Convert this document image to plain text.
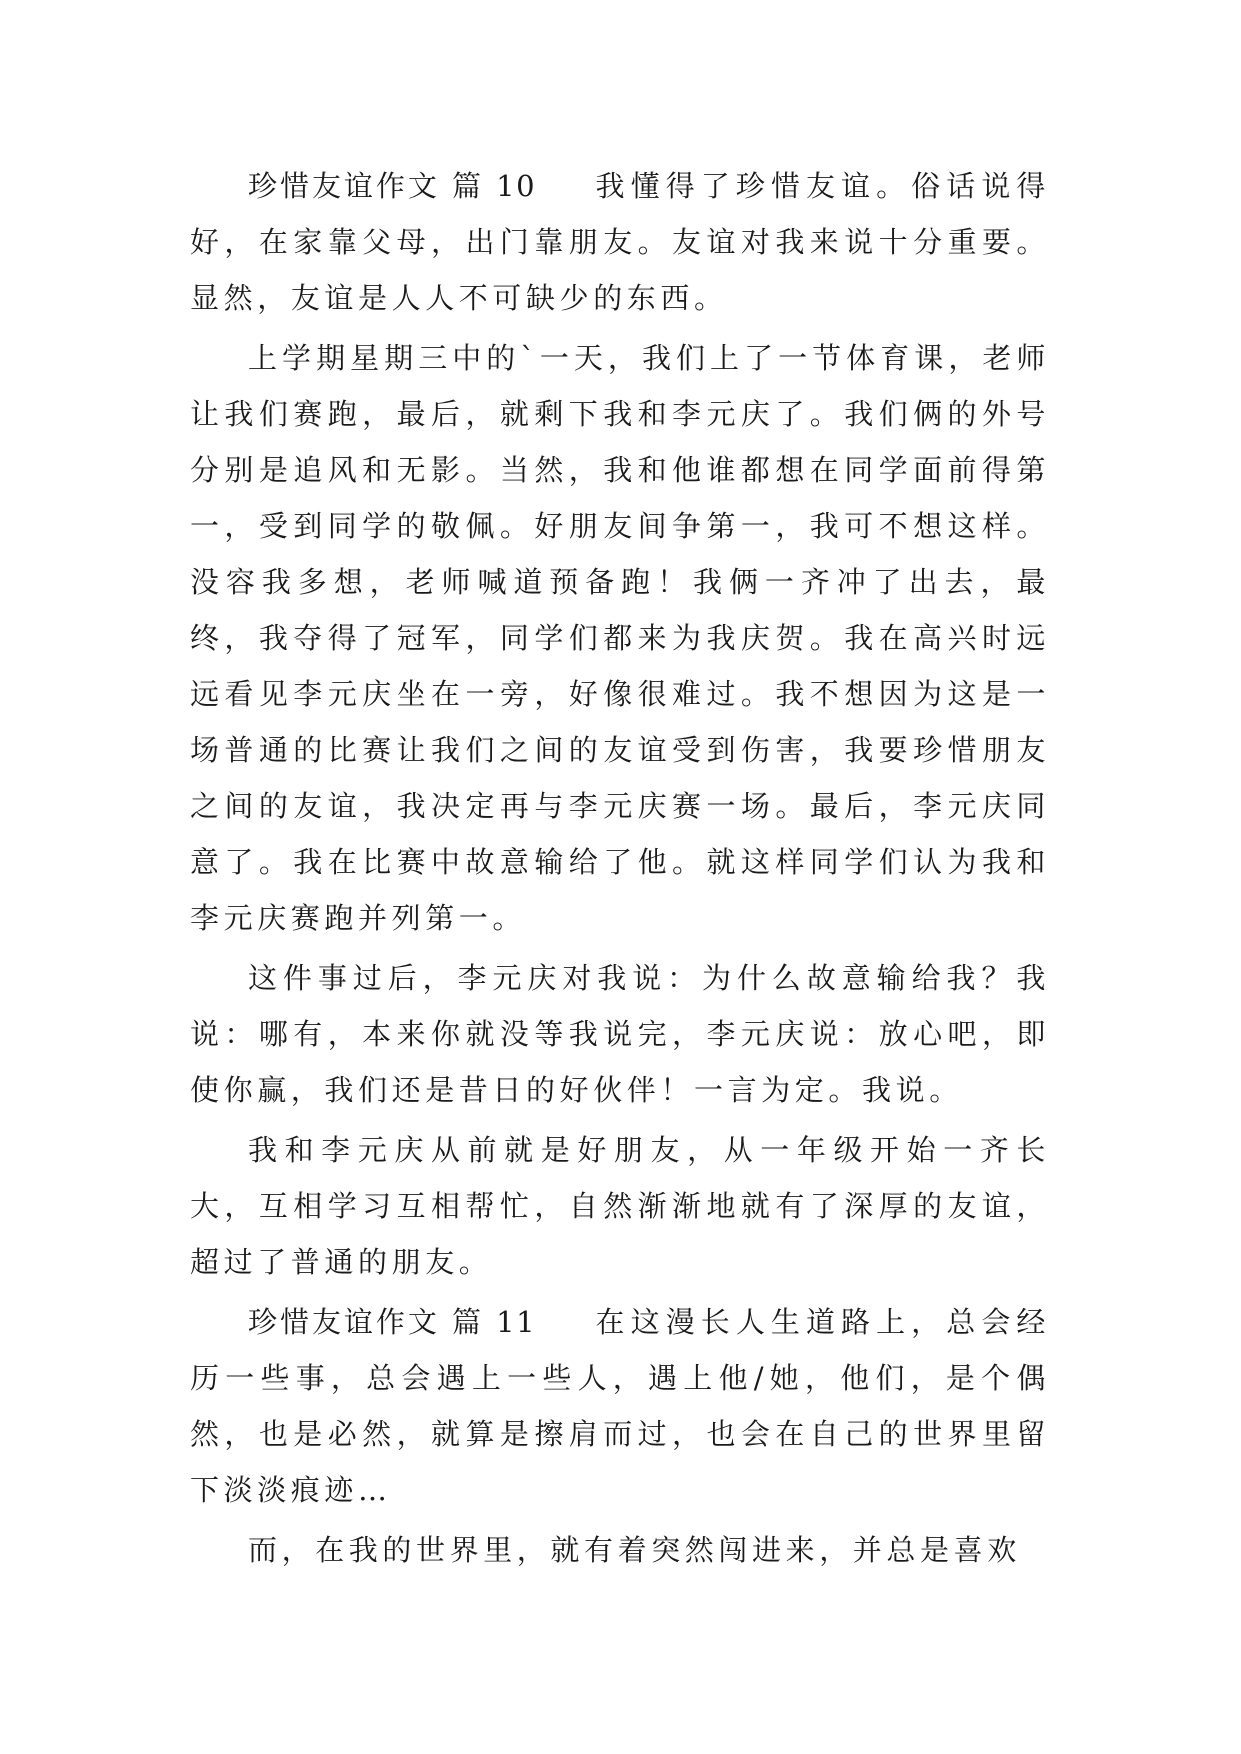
珍惜友谊作文 篇 10 我懂得了珍惜友谊。俗话说得好，在家靠父母，出门靠朋友。友谊对我来说十分重要。显然，友谊是人人不可缺少的东西。

上学期星期三中的`一天，我们上了一节体育课，老师让我们赛跑，最后，就剩下我和李元庆了。我们俩的外号分别是追风和无影。当然，我和他谁都想在同学面前得第一，受到同学的敬佩。好朋友间争第一，我可不想这样。没容我多想，老师喊道预备跑！我俩一齐冲了出去，最终，我夺得了冠军，同学们都来为我庆贺。我在高兴时远远看见李元庆坐在一旁，好像很难过。我不想因为这是一场普通的比赛让我们之间的友谊受到伤害，我要珍惜朋友之间的友谊，我决定再与李元庆赛一场。最后，李元庆同意了。我在比赛中故意输给了他。就这样同学们认为我和李元庆赛跑并列第一。

这件事过后，李元庆对我说：为什么故意输给我？我说：哪有，本来你就没等我说完，李元庆说：放心吧，即使你赢，我们还是昔日的好伙伴！一言为定。我说。

我和李元庆从前就是好朋友，从一年级开始一齐长大，互相学习互相帮忙，自然渐渐地就有了深厚的友谊，超过了普通的朋友。

珍惜友谊作文 篇 11 在这漫长人生道路上，总会经历一些事，总会遇上一些人，遇上他/她，他们，是个偶然，也是必然，就算是擦肩而过，也会在自己的世界里留下淡淡痕迹…

而，在我的世界里，就有着突然闯进来，并总是喜欢
